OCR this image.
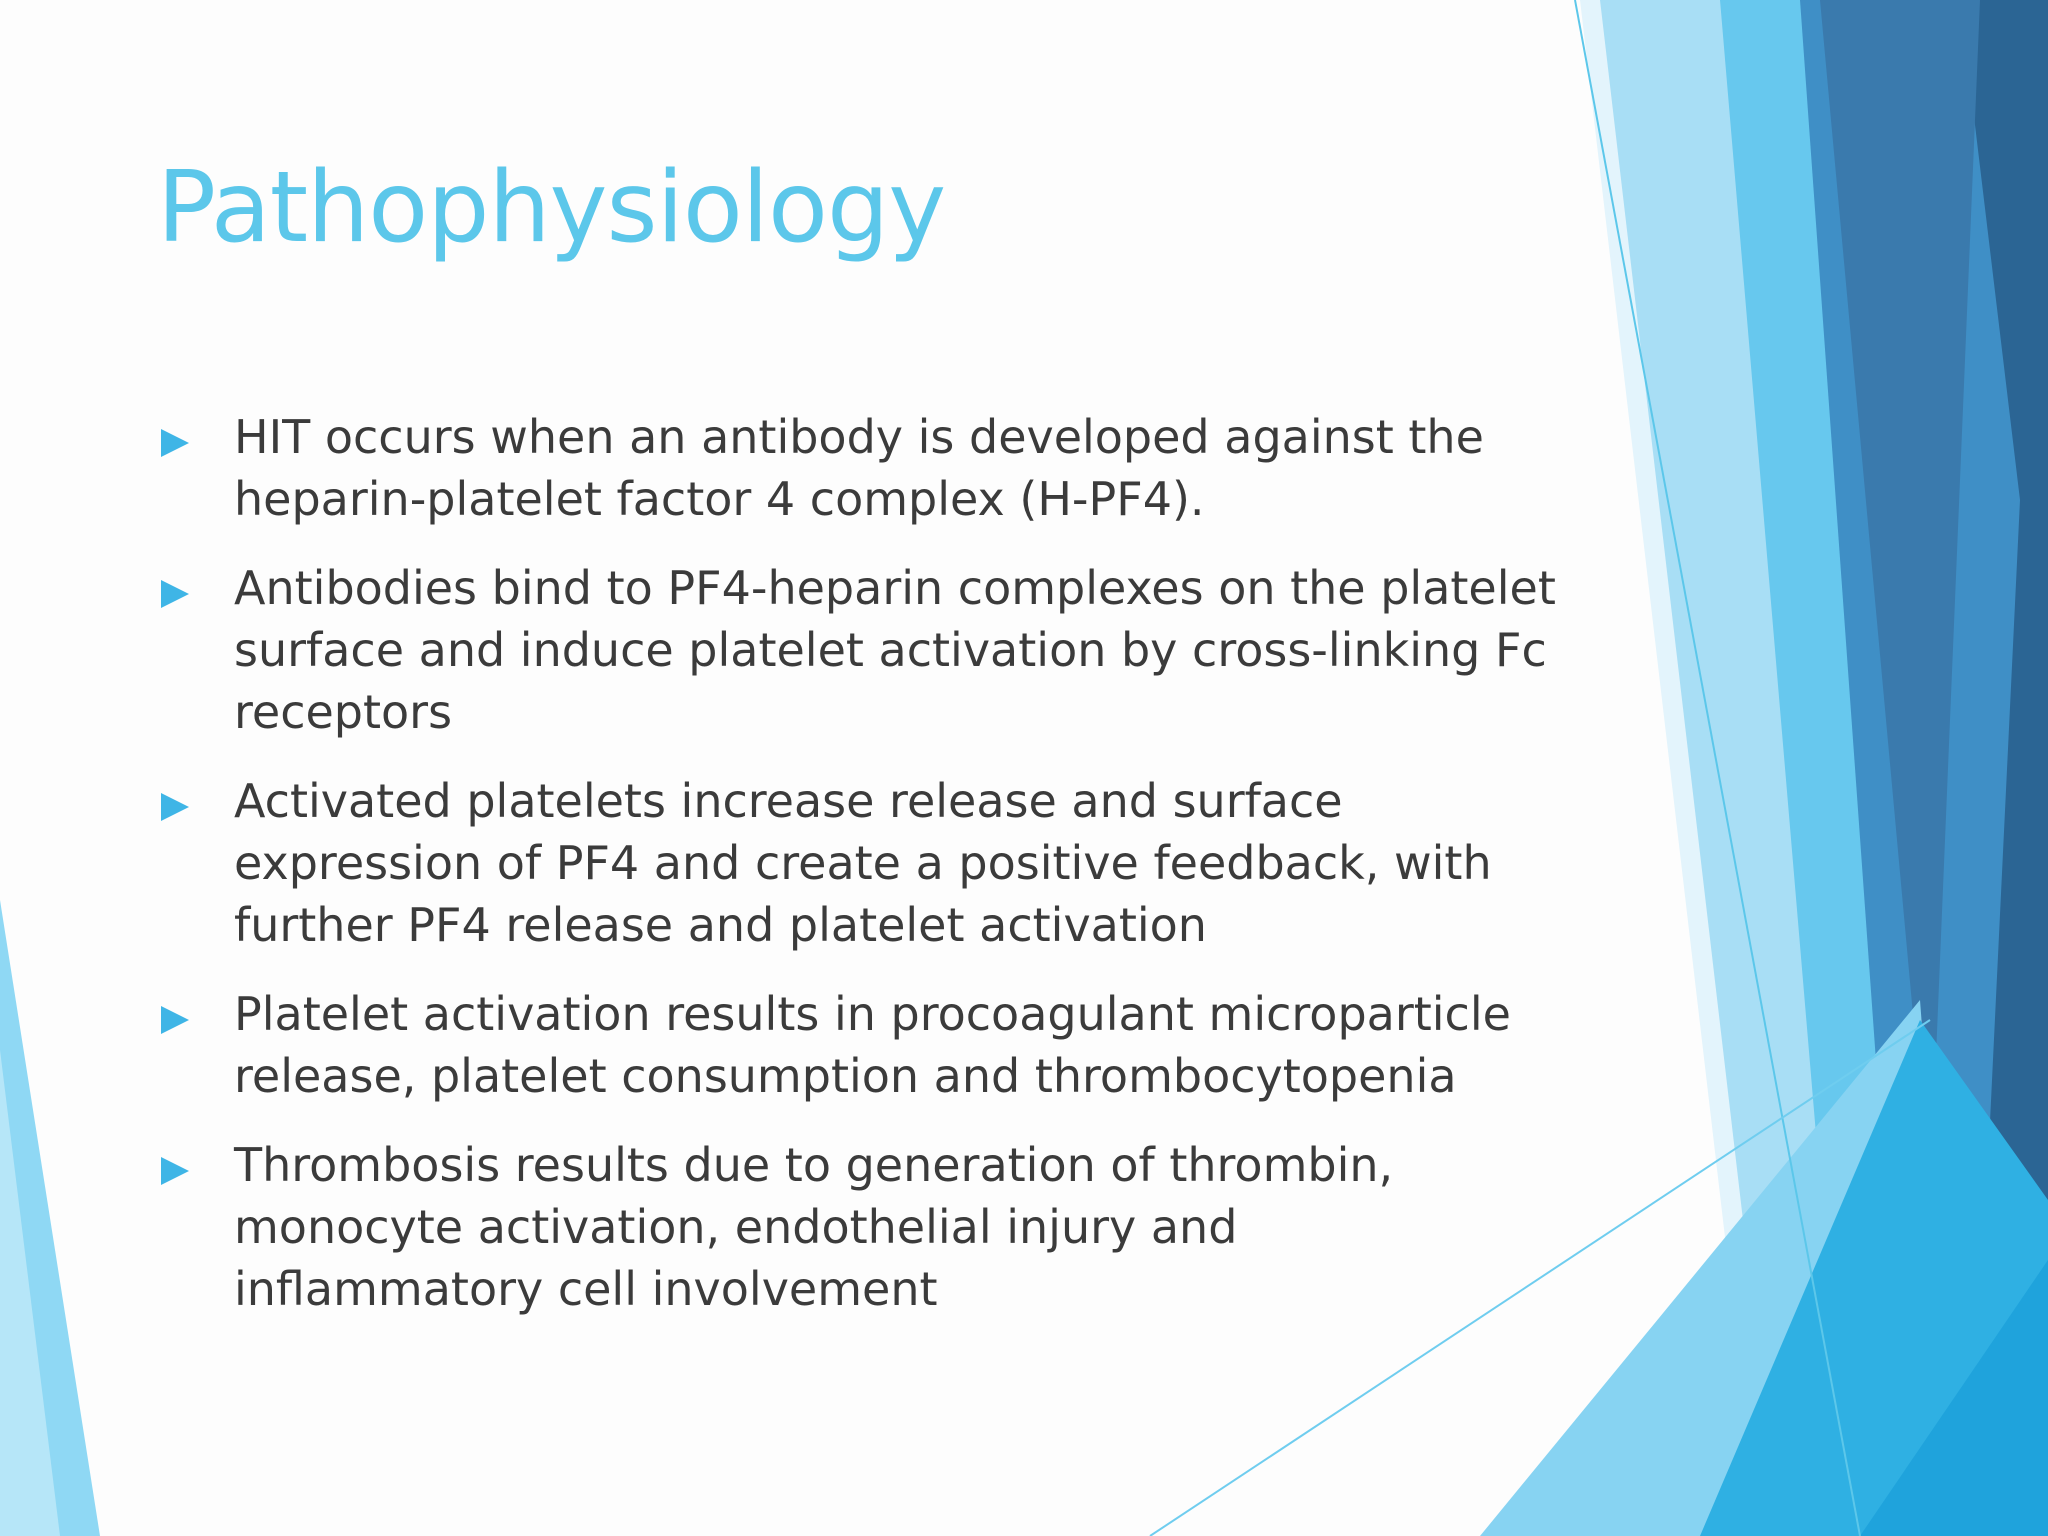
Pathophysiology
HIT occurs when an antibody is developed against the heparin-platelet factor 4 complex (H-PF4).
Antibodies bind to PF4-heparin complexes on the platelet surface and induce platelet activation by cross-linking Fc receptors
Activated platelets increase release and surface expression of PF4 and create a positive feedback, with further PF4 release and platelet activation
Platelet activation results in procoagulant microparticle release, platelet consumption and thrombocytopenia
Thrombosis results due to generation of thrombin, monocyte activation, endothelial injury and inflammatory cell involvement
